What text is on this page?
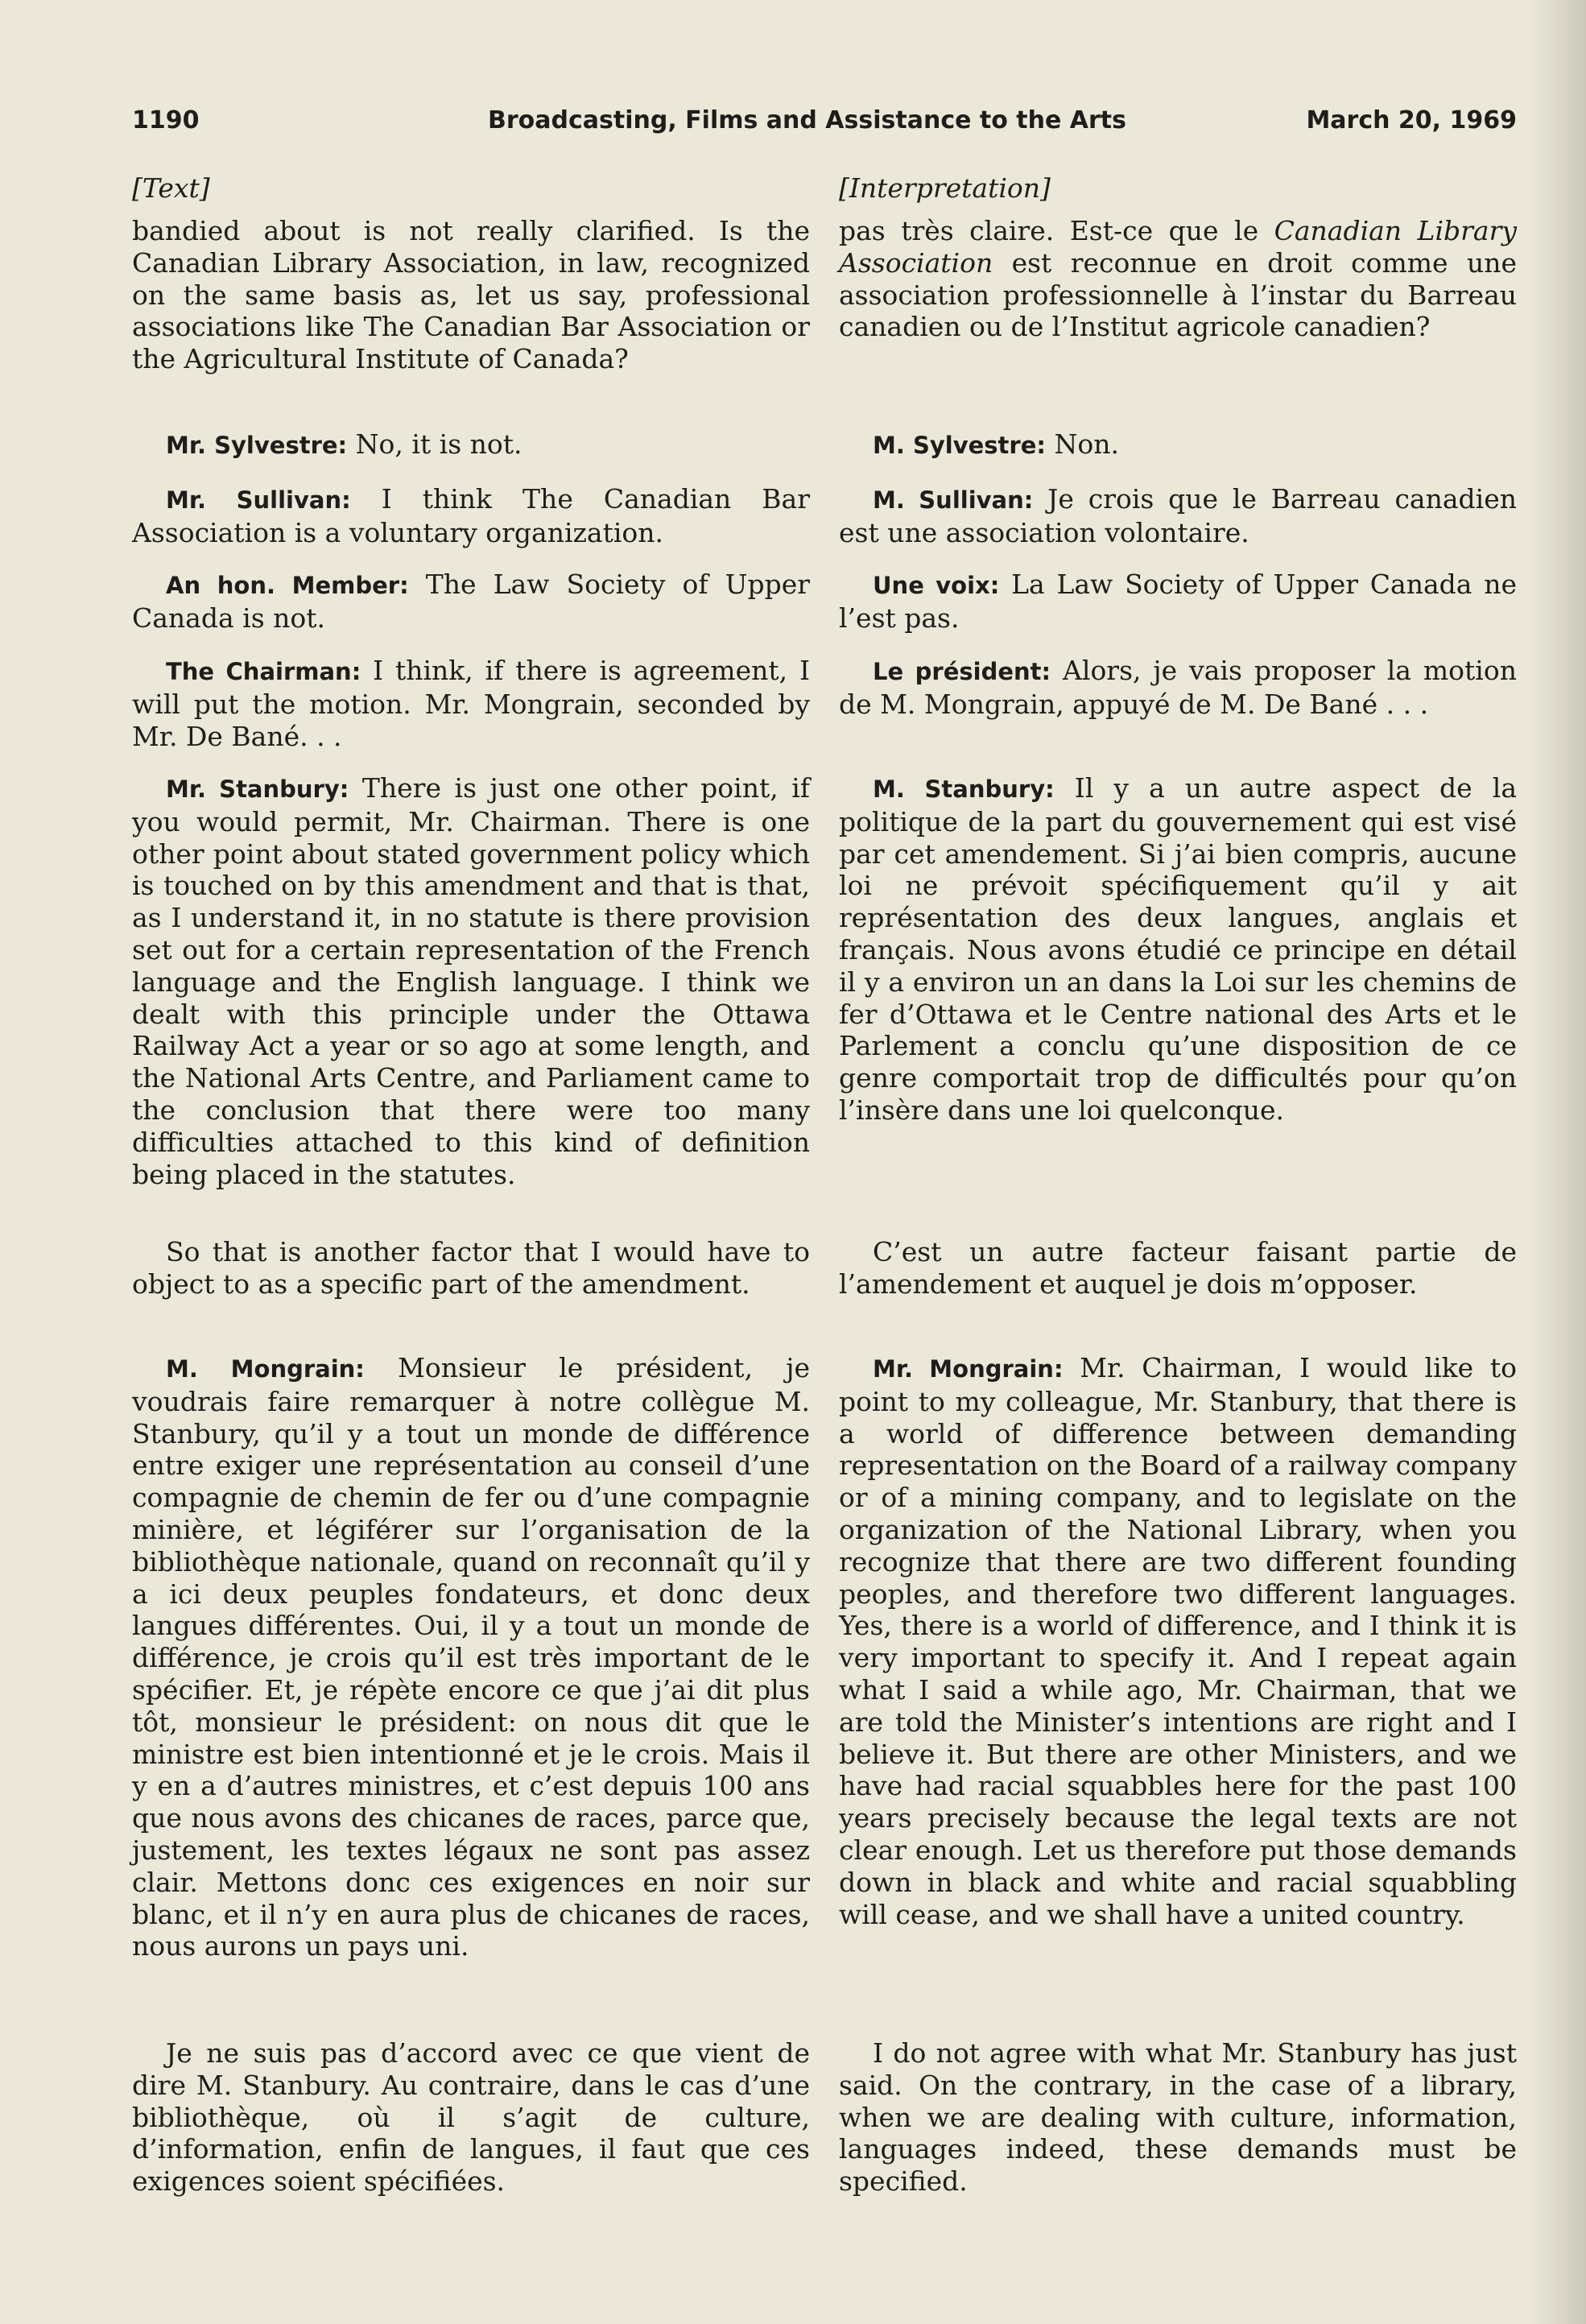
1190	Broadcasting, Films and Assistance to the Arts	March 20, 1969
[Text]

bandied about is not really clarified. Is the Canadian Library Association, in law, recognized on the same basis as, let us say, professional associations like The Canadian Bar Association or the Agricultural Institute of Canada?

Mr. Sylvestre: No, it is not.

Mr. Sullivan: I think The Canadian Bar Association is a voluntary organization.

An hon. Member: The Law Society of Upper Canada is not.

The Chairman: I think, if there is agreement, I will put the motion. Mr. Mongrain, seconded by Mr. De Bané. . .

Mr. Stanbury: There is just one other point, if you would permit, Mr. Chairman. There is one other point about stated government policy which is touched on by this amendment and that is that, as I understand it, in no statute is there provision set out for a certain representation of the French language and the English language. I think we dealt with this principle under the Ottawa Railway Act a year or so ago at some length, and the National Arts Centre, and Parliament came to the conclusion that there were too many difficulties attached to this kind of definition being placed in the statutes.

So that is another factor that I would have to object to as a specific part of the amendment.

M. Mongrain: Monsieur le président, je voudrais faire remarquer à notre collègue M. Stanbury, qu’il y a tout un monde de différence entre exiger une représentation au conseil d’une compagnie de chemin de fer ou d’une compagnie minière, et légiférer sur l’organisation de la bibliothèque nationale, quand on reconnaît qu’il y a ici deux peuples fondateurs, et donc deux langues différentes. Oui, il y a tout un monde de différence, je crois qu’il est très important de le spécifier. Et, je répète encore ce que j’ai dit plus tôt, monsieur le président: on nous dit que le ministre est bien intentionné et je le crois. Mais il y en a d’autres ministres, et c’est depuis 100 ans que nous avons des chicanes de races, parce que, justement, les textes légaux ne sont pas assez clair. Mettons donc ces exigences en noir sur blanc, et il n’y en aura plus de chicanes de races, nous aurons un pays uni.

Je ne suis pas d’accord avec ce que vient de dire M. Stanbury. Au contraire, dans le cas d’une bibliothèque, où il s’agit de culture, d’information, enfin de langues, il faut que ces exigences soient spécifiées.

[Interpretation]

pas très claire. Est-ce que le Canadian Library Association est reconnue en droit comme une association professionnelle à l’instar du Barreau canadien ou de l’Institut agricole canadien?

M. Sylvestre: Non.

M. Sullivan: Je crois que le Barreau canadien est une association volontaire.

Une voix: La Law Society of Upper Canada ne l’est pas.

Le président: Alors, je vais proposer la motion de M. Mongrain, appuyé de M. De Bané . . .

M. Stanbury: Il y a un autre aspect de la politique de la part du gouvernement qui est visé par cet amendement. Si j’ai bien compris, aucune loi ne prévoit spécifiquement qu’il y ait représentation des deux langues, anglais et français. Nous avons étudié ce principe en détail il y a environ un an dans la Loi sur les chemins de fer d’Ottawa et le Centre national des Arts et le Parlement a conclu qu’une disposition de ce genre comportait trop de difficultés pour qu’on l’insère dans une loi quelconque.

C’est un autre facteur faisant partie de l’amendement et auquel je dois m’opposer.

Mr. Mongrain: Mr. Chairman, I would like to point to my colleague, Mr. Stanbury, that there is a world of difference between demanding representation on the Board of a railway company or of a mining company, and to legislate on the organization of the National Library, when you recognize that there are two different founding peoples, and therefore two different languages. Yes, there is a world of difference, and I think it is very important to specify it. And I repeat again what I said a while ago, Mr. Chairman, that we are told the Minister’s intentions are right and I believe it. But there are other Ministers, and we have had racial squabbles here for the past 100 years precisely because the legal texts are not clear enough. Let us therefore put those demands down in black and white and racial squabbling will cease, and we shall have a united country.

I do not agree with what Mr. Stanbury has just said. On the contrary, in the case of a library, when we are dealing with culture, information, languages indeed, these demands must be specified.
